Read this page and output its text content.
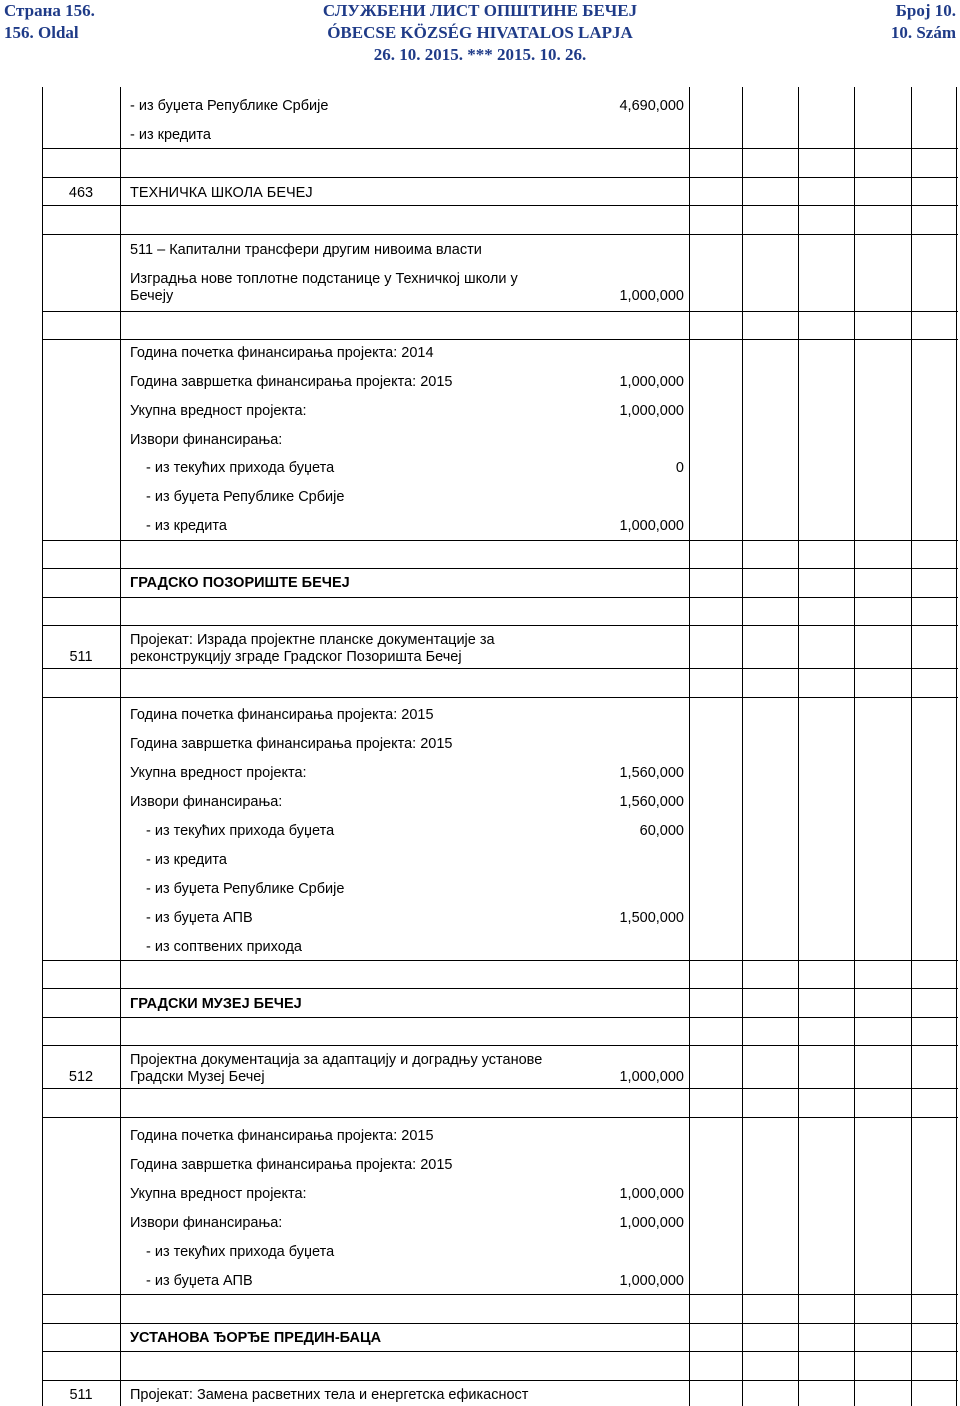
Страна 156.
156. Oldal
СЛУЖБЕНИ ЛИСТ ОПШТИНЕ БЕЧЕЈ
ÓBECSE KÖZSÉG HIVATALOS LAPJA
26. 10. 2015. *** 2015. 10. 26.
Број 10.
10. Szám
- из буџета Републике Србије	4,690,000
- из кредита
463	ТЕХНИЧКА ШКОЛА БЕЧЕЈ
511 – Капитални трансфери другим нивоима власти
Изградња нове топлотне подстанице у Техничкој школи у
Бечеју	1,000,000
Година почетка финансирања пројекта: 2014
Година завршетка финансирања пројекта: 2015	1,000,000
Укупна вредност пројекта:	1,000,000
Извори финансирања:
- из текућих прихода буџета	0
- из буџета Републике Србије
- из кредита	1,000,000
ГРАДСКО ПОЗОРИШТЕ БЕЧЕЈ
Пројекат: Израда пројектне планске документације за
511	реконструкцију зграде Градског Позоришта Бечеј
Година почетка финансирања пројекта: 2015
Година завршетка финансирања пројекта: 2015
Укупна вредност пројекта:	1,560,000
Извори финансирања:	1,560,000
- из текућих прихода буџета	60,000
- из кредита
- из буџета Републике Србије
- из буџета АПВ	1,500,000
- из соптвених прихода
ГРАДСКИ МУЗЕЈ БЕЧЕЈ
Пројектна документација за адаптацију и доградњу установе
512	Градски Музеј Бечеј	1,000,000
Година почетка финансирања пројекта: 2015
Година завршетка финансирања пројекта: 2015
Укупна вредност пројекта:	1,000,000
Извори финансирања:	1,000,000
- из текућих прихода буџета
- из буџета АПВ	1,000,000
УСТАНОВА ЂОРЂЕ ПРЕДИН-БАЦА
511	Пројекат: Замена расветних тела и енергетска ефикасност
